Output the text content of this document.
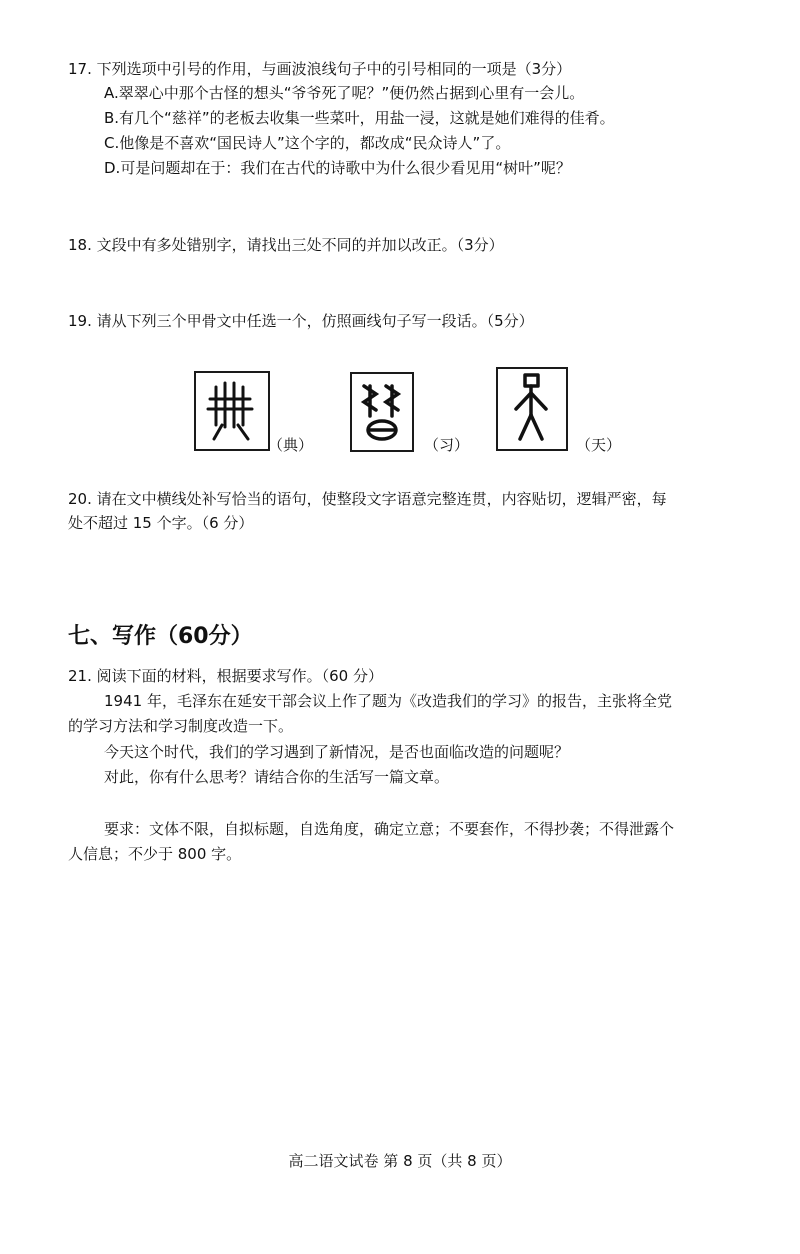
17. 下列选项中引号的作用，与画波浪线句子中的引号相同的一项是（3分）
A.翠翠心中那个古怪的想头“爷爷死了呢？”便仍然占据到心里有一会儿。
B.有几个“慈祥”的老板去收集一些菜叶，用盐一浸，这就是她们难得的佳肴。
C.他像是不喜欢“国民诗人”这个字的，都改成“民众诗人”了。
D.可是问题却在于：我们在古代的诗歌中为什么很少看见用“树叶”呢？
18. 文段中有多处错别字，请找出三处不同的并加以改正。（3分）
19. 请从下列三个甲骨文中任选一个，仿照画线句子写一段话。（5分）
（典）	（习）	（天）
20. 请在文中横线处补写恰当的语句，使整段文字语意完整连贯，内容贴切，逻辑严密，每
处不超过 15 个字。（6 分）
七、写作（60分）
21. 阅读下面的材料，根据要求写作。（60 分）
1941 年，毛泽东在延安干部会议上作了题为《改造我们的学习》的报告，主张将全党
的学习方法和学习制度改造一下。
今天这个时代，我们的学习遇到了新情况，是否也面临改造的问题呢？
对此，你有什么思考？请结合你的生活写一篇文章。
要求：文体不限，自拟标题，自选角度，确定立意；不要套作，不得抄袭；不得泄露个
人信息；不少于 800 字。
高二语文试卷 第 8 页（共 8 页）
